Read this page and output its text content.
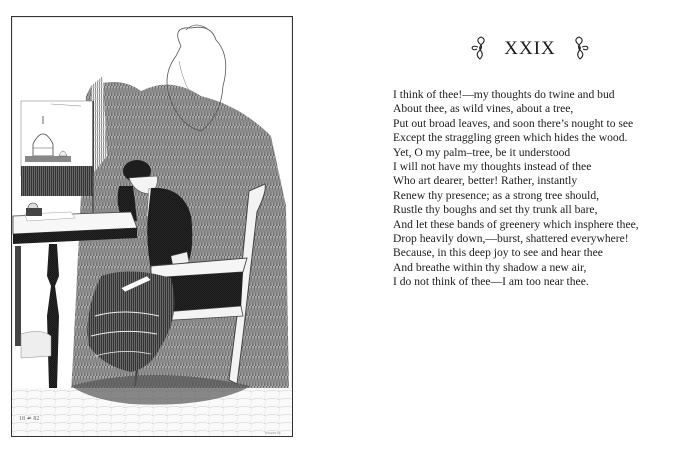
18 ☙ 82
SWAIN SC
XXIX
I think of thee!—my thoughts do twine and bud
About thee, as wild vines, about a tree,
Put out broad leaves, and soon there’s nought to see
Except the straggling green which hides the wood.
Yet, O my palm–tree, be it understood
I will not have my thoughts instead of thee
Who art dearer, better! Rather, instantly
Renew thy presence; as a strong tree should,
Rustle thy boughs and set thy trunk all bare,
And let these bands of greenery which insphere thee,
Drop heavily down,—burst, shattered everywhere!
Because, in this deep joy to see and hear thee
And breathe within thy shadow a new air,
I do not think of thee—I am too near thee.
